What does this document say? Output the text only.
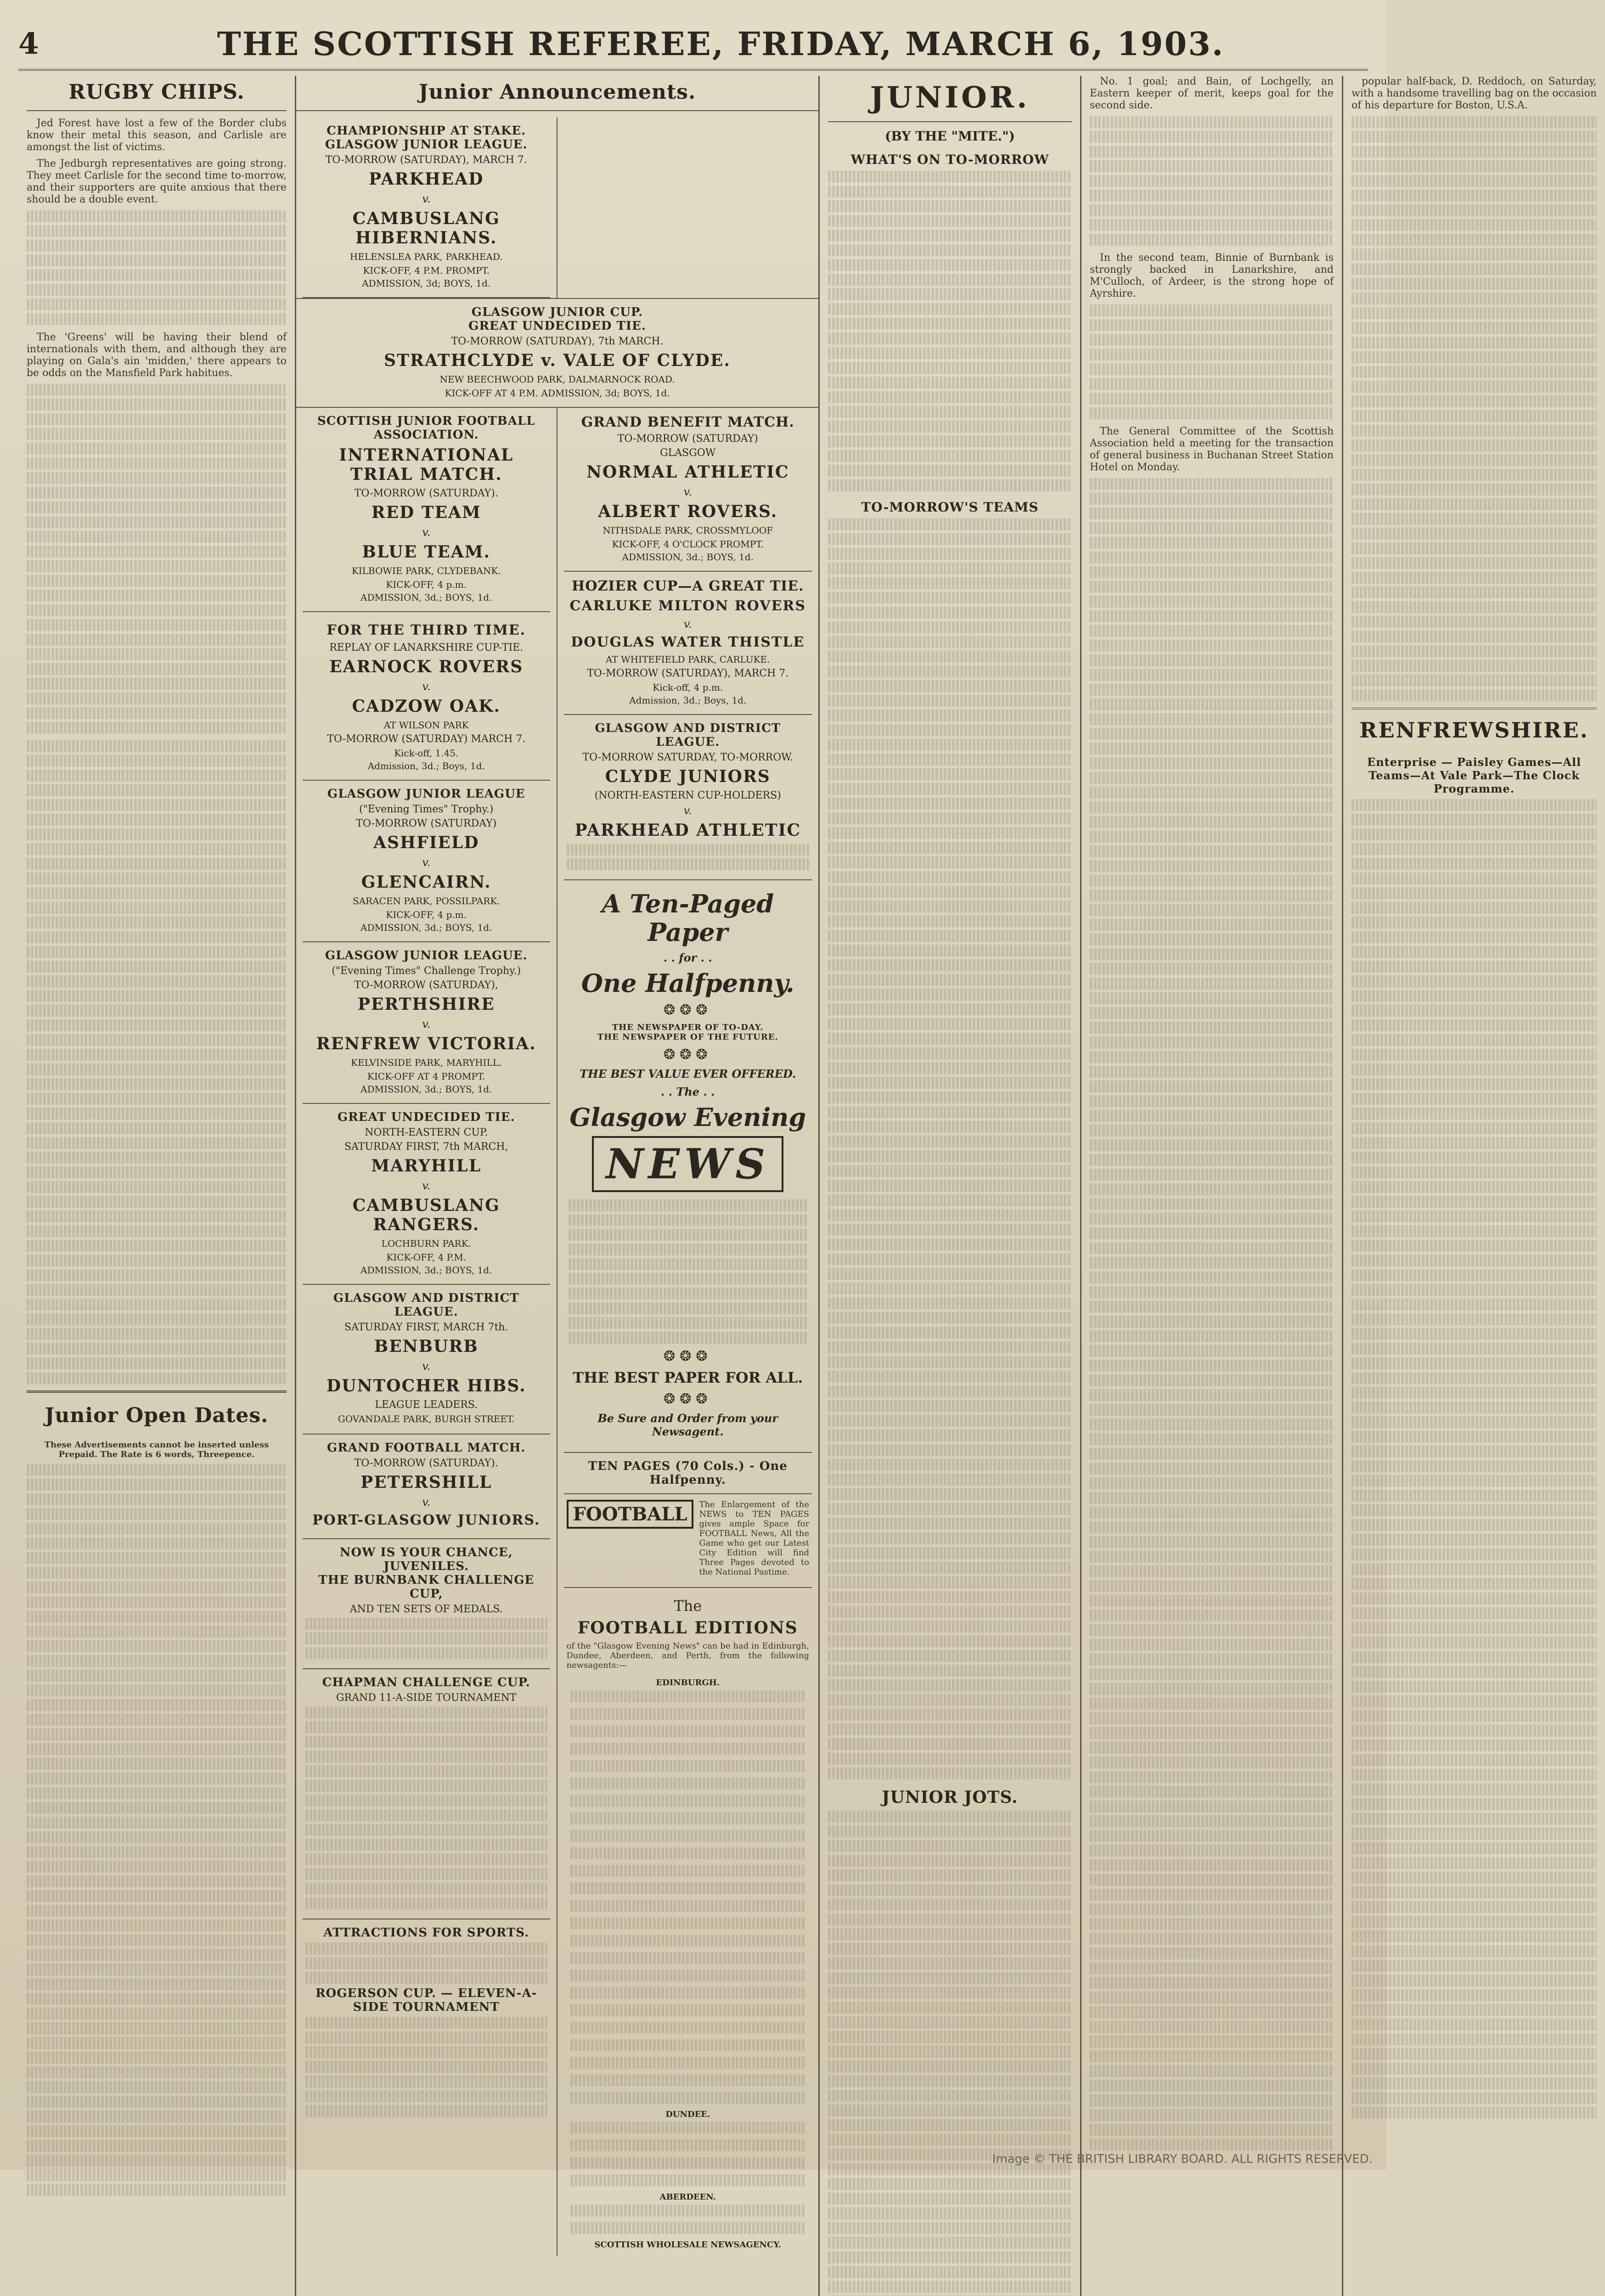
4	THE SCOTTISH REFEREE, FRIDAY, MARCH 6, 1903.
RUGBY CHIPS.

Jed Forest have lost a few of the Border clubs know their metal this season, and Carlisle are amongst the list of victims.

The Jedburgh representatives are going strong. They meet Carlisle for the second time to-morrow, and their supporters are quite anxious that there should be a double event.

The 'Greens' will be having their blend of internationals with them, and although they are playing on Gala's ain 'midden,' there appears to be odds on the Mansfield Park habitues.

Junior Open Dates.

These Advertisements cannot be inserted unless Prepaid. The Rate is 6 words, Threepence.

Junior Announcements.
CHAMPIONSHIP AT STAKE.
GLASGOW JUNIOR LEAGUE.
TO-MORROW (SATURDAY), MARCH 7.
PARKHEAD
v.
CAMBUSLANG HIBERNIANS.
HELENSLEA PARK, PARKHEAD.
KICK-OFF, 4 P.M. PROMPT.
ADMISSION, 3d; BOYS, 1d.
GLASGOW JUNIOR CUP.
GREAT UNDECIDED TIE.
TO-MORROW (SATURDAY), 7th MARCH.
STRATHCLYDE v. VALE OF CLYDE.
NEW BEECHWOOD PARK, DALMARNOCK ROAD.
KICK-OFF AT 4 P.M. ADMISSION, 3d; BOYS, 1d.
SCOTTISH JUNIOR FOOTBALL ASSOCIATION.
INTERNATIONAL TRIAL MATCH.
TO-MORROW (SATURDAY).
RED TEAM
v.
BLUE TEAM.
KILBOWIE PARK, CLYDEBANK.
KICK-OFF, 4 p.m.
ADMISSION, 3d.; BOYS, 1d.
FOR THE THIRD TIME.
REPLAY OF LANARKSHIRE CUP-TIE.
EARNOCK ROVERS
v.
CADZOW OAK.
AT WILSON PARK
TO-MORROW (SATURDAY) MARCH 7.
Kick-off, 1.45.
Admission, 3d.; Boys, 1d.
GLASGOW JUNIOR LEAGUE
("Evening Times" Trophy.)
TO-MORROW (SATURDAY)
ASHFIELD
v.
GLENCAIRN.
SARACEN PARK, POSSILPARK.
KICK-OFF, 4 p.m.
ADMISSION, 3d.; BOYS, 1d.
GLASGOW JUNIOR LEAGUE.
("Evening Times" Challenge Trophy.)
TO-MORROW (SATURDAY),
PERTHSHIRE
v.
RENFREW VICTORIA.
KELVINSIDE PARK, MARYHILL.
KICK-OFF AT 4 PROMPT.
ADMISSION, 3d.; BOYS, 1d.
GREAT UNDECIDED TIE.
NORTH-EASTERN CUP.
SATURDAY FIRST, 7th MARCH,
MARYHILL
v.
CAMBUSLANG RANGERS.
LOCHBURN PARK.
KICK-OFF, 4 P.M.
ADMISSION, 3d.; BOYS, 1d.
GLASGOW AND DISTRICT LEAGUE.
SATURDAY FIRST, MARCH 7th.
BENBURB
v.
DUNTOCHER HIBS.
LEAGUE LEADERS.
GOVANDALE PARK, BURGH STREET.
GRAND FOOTBALL MATCH.
TO-MORROW (SATURDAY).
PETERSHILL
v.
PORT-GLASGOW JUNIORS.
NOW IS YOUR CHANCE, JUVENILES.
THE BURNBANK CHALLENGE CUP,
AND TEN SETS OF MEDALS.
CHAPMAN CHALLENGE CUP.
GRAND 11-A-SIDE TOURNAMENT
ATTRACTIONS FOR SPORTS.
ROGERSON CUP. — ELEVEN-A-SIDE TOURNAMENT
GRAND BENEFIT MATCH.
TO-MORROW (SATURDAY)
GLASGOW
NORMAL ATHLETIC
v.
ALBERT ROVERS.
NITHSDALE PARK, CROSSMYLOOF
KICK-OFF, 4 O'CLOCK PROMPT.
ADMISSION, 3d.; BOYS, 1d.
HOZIER CUP—A GREAT TIE.
CARLUKE MILTON ROVERS
v.
DOUGLAS WATER THISTLE
AT WHITEFIELD PARK, CARLUKE.
TO-MORROW (SATURDAY), MARCH 7.
Kick-off, 4 p.m.
Admission, 3d.; Boys, 1d.
GLASGOW AND DISTRICT LEAGUE.
TO-MORROW SATURDAY, TO-MORROW.
CLYDE JUNIORS
(NORTH-EASTERN CUP-HOLDERS)
v.
PARKHEAD ATHLETIC
A Ten-Paged Paper
. . for . .
One Halfpenny.
❂❂❂
THE NEWSPAPER OF TO-DAY.
THE NEWSPAPER OF THE FUTURE.
❂❂❂
THE BEST VALUE EVER OFFERED.
. . The . .
Glasgow Evening
NEWS
❂❂❂
THE BEST PAPER FOR ALL.
❂❂❂
Be Sure and Order from your Newsagent.
TEN PAGES (70 Cols.) - One Halfpenny.
FOOTBALL	The Enlargement of the NEWS to TEN PAGES gives ample Space for FOOTBALL News, All the Game who get our Latest City Edition will find Three Pages devoted to the National Pastime.
The
FOOTBALL EDITIONS
of the "Glasgow Evening News" can be had in Edinburgh, Dundee, Aberdeen, and Perth, from the following newsagents:—
EDINBURGH.
DUNDEE.
ABERDEEN.
SCOTTISH WHOLESALE NEWSAGENCY.
JUNIOR.
(BY THE "MITE.")
WHAT'S ON TO-MORROW
TO-MORROW'S TEAMS
JUNIOR JOTS.

No. 1 goal; and Bain, of Lochgelly, an Eastern keeper of merit, keeps goal for the second side.

In the second team, Binnie of Burnbank is strongly backed in Lanarkshire, and M'Culloch, of Ardeer, is the strong hope of Ayrshire.

The General Committee of the Scottish Association held a meeting for the transaction of general business in Buchanan Street Station Hotel on Monday.

popular half-back, D. Reddoch, on Saturday, with a handsome travelling bag on the occasion of his departure for Boston, U.S.A.

RENFREWSHIRE.
Enterprise — Paisley Games—All Teams—At Vale Park—The Clock Programme.
Image © THE BRITISH LIBRARY BOARD. ALL RIGHTS RESERVED.
